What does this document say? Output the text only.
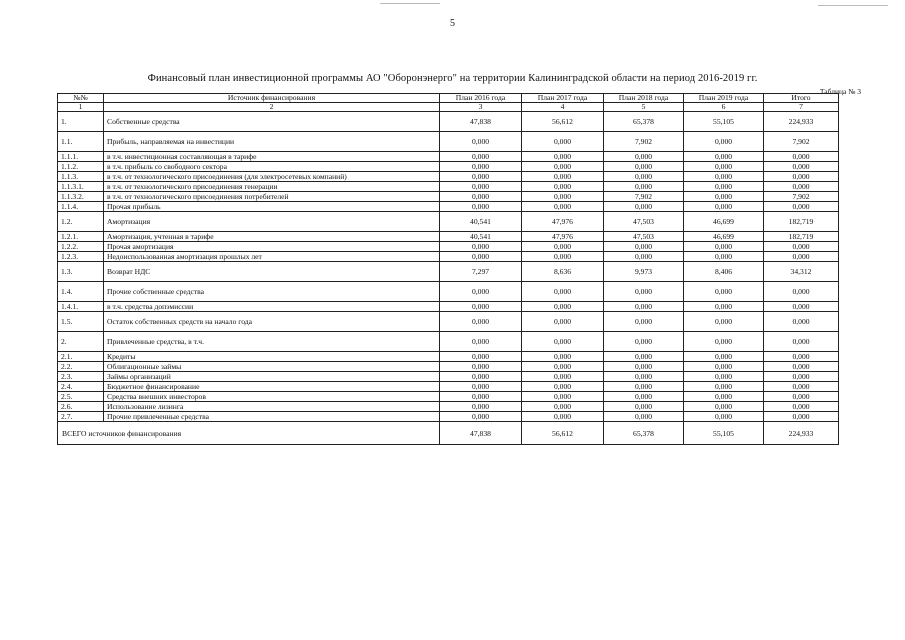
5
Финансовый план инвестиционной программы АО "Оборонэнерго" на территории Калининградской области на период 2016-2019 гг.
Таблица № 3
№№	Источник финансирования	План 2016 года	План 2017 года	План 2018 года	План 2019 года	Итого
1	2	3	4	5	6	7
1.	Собственные средства	47,838	56,612	65,378	55,105	224,933
1.1.	Прибыль, направляемая на инвестиции	0,000	0,000	7,902	0,000	7,902
1.1.1.	в т.ч. инвестиционная составляющая в тарифе	0,000	0,000	0,000	0,000	0,000
1.1.2.	в т.ч. прибыль со свободного сектора	0,000	0,000	0,000	0,000	0,000
1.1.3.	в т.ч. от технологического присоединения (для электросетевых компаний)	0,000	0,000	0,000	0,000	0,000
1.1.3.1.	в т.ч. от технологического присоединения генерации	0,000	0,000	0,000	0,000	0,000
1.1.3.2.	в т.ч. от технологического присоединения потребителей	0,000	0,000	7,902	0,000	7,902
1.1.4.	Прочая прибыль	0,000	0,000	0,000	0,000	0,000
1.2.	Амортизация	40,541	47,976	47,503	46,699	182,719
1.2.1.	Амортизация, учтенная в тарифе	40,541	47,976	47,503	46,699	182,719
1.2.2.	Прочая амортизация	0,000	0,000	0,000	0,000	0,000
1.2.3.	Недоиспользованная амортизация прошлых лет	0,000	0,000	0,000	0,000	0,000
1.3.	Возврат НДС	7,297	8,636	9,973	8,406	34,312
1.4.	Прочие собственные средства	0,000	0,000	0,000	0,000	0,000
1.4.1.	в т.ч. средства допэмиссии	0,000	0,000	0,000	0,000	0,000
1.5.	Остаток собственных средств на начало года	0,000	0,000	0,000	0,000	0,000
2.	Привлеченные средства, в т.ч.	0,000	0,000	0,000	0,000	0,000
2.1.	Кредиты	0,000	0,000	0,000	0,000	0,000
2.2.	Облигационные займы	0,000	0,000	0,000	0,000	0,000
2.3.	Займы организаций	0,000	0,000	0,000	0,000	0,000
2.4.	Бюджетное финансирование	0,000	0,000	0,000	0,000	0,000
2.5.	Средства внешних инвесторов	0,000	0,000	0,000	0,000	0,000
2.6.	Использование лизинга	0,000	0,000	0,000	0,000	0,000
2.7.	Прочие привлеченные средства	0,000	0,000	0,000	0,000	0,000
ВСЕГО источников финансирования		47,838	56,612	65,378	55,105	224,933
